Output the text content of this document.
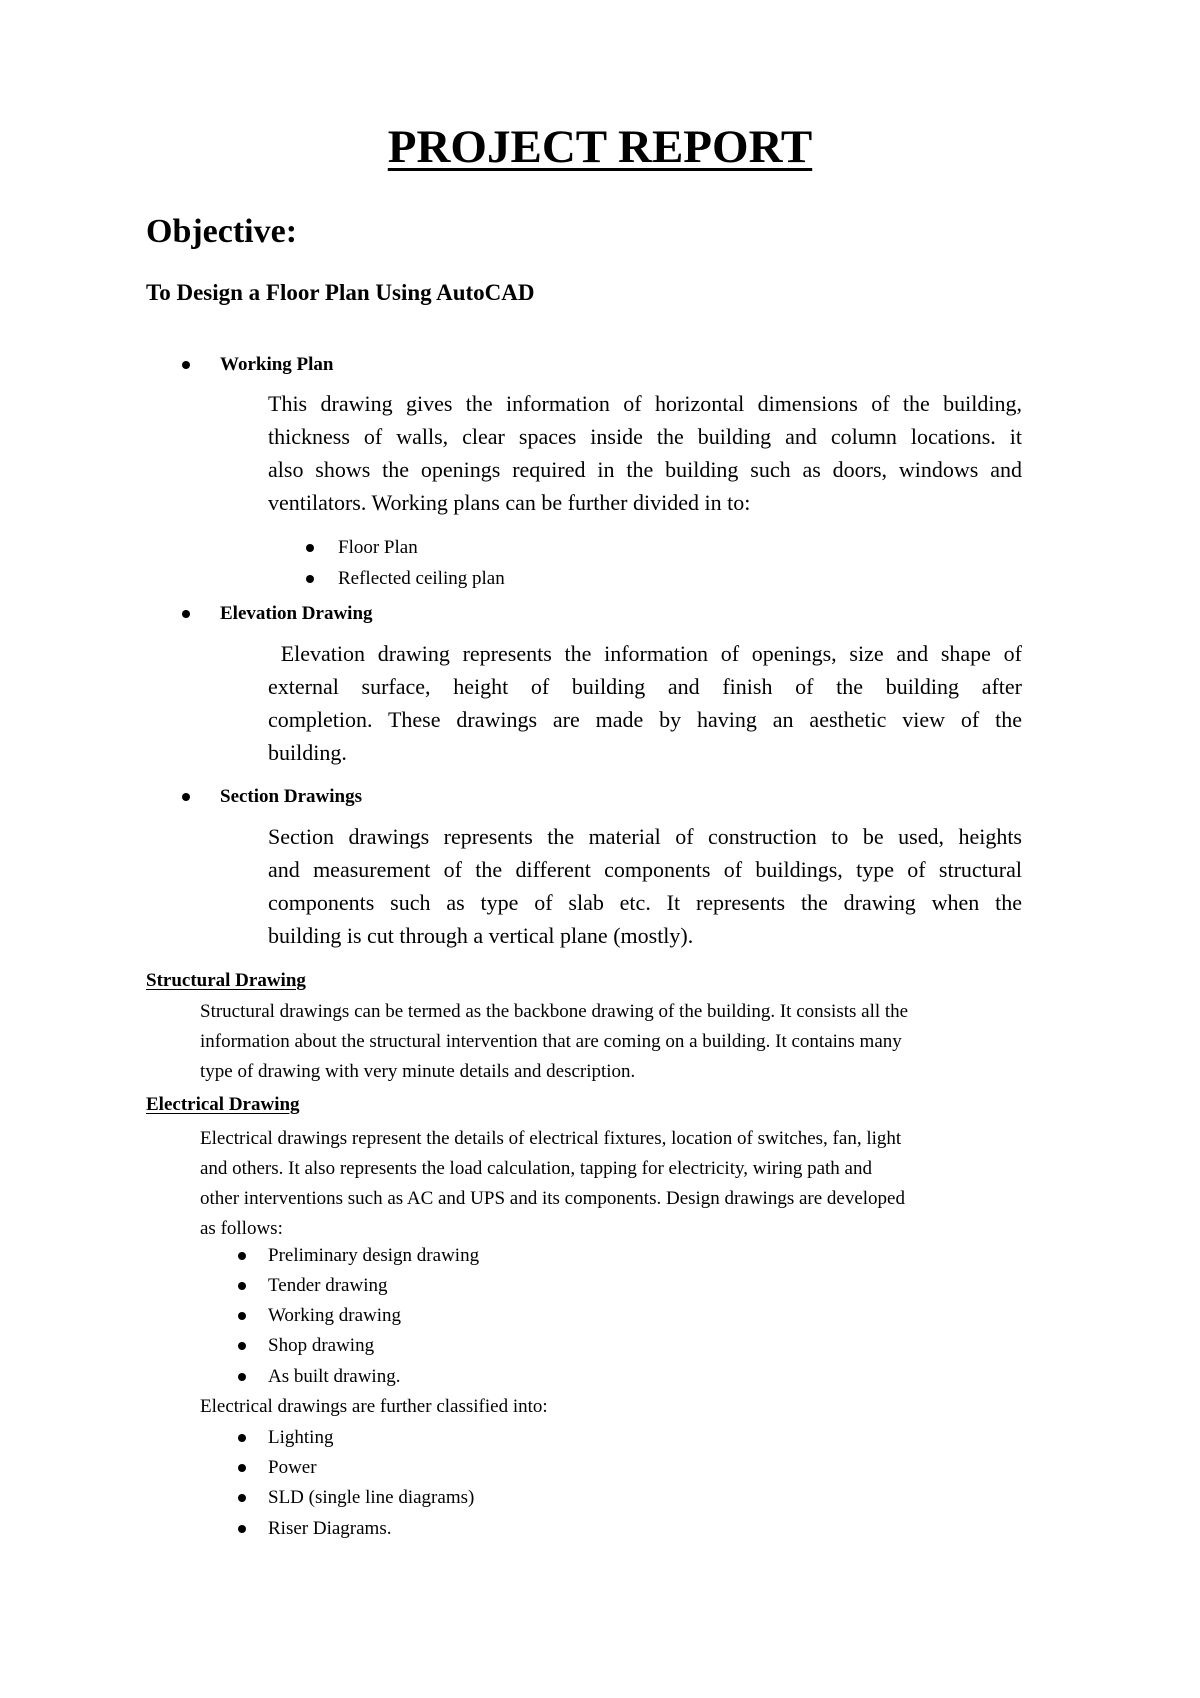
PROJECT REPORT
Objective:
To Design a Floor Plan Using AutoCAD
Working Plan
This drawing gives the information of horizontal dimensions of the building,
thickness of walls, clear spaces inside the building and column locations. it
also shows the openings required in the building such as doors, windows and
ventilators. Working plans can be further divided in to:
Floor Plan
Reflected ceiling plan
Elevation Drawing
Elevation drawing represents the information of openings, size and shape of
external surface, height of building and finish of the building after
completion. These drawings are made by having an aesthetic view of the
building.
Section Drawings
Section drawings represents the material of construction to be used, heights
and measurement of the different components of buildings, type of structural
components such as type of slab etc. It represents the drawing when the
building is cut through a vertical plane (mostly).
Structural Drawing
Structural drawings can be termed as the backbone drawing of the building. It consists all the
information about the structural intervention that are coming on a building. It contains many
type of drawing with very minute details and description.
Electrical Drawing
Electrical drawings represent the details of electrical fixtures, location of switches, fan, light
and others. It also represents the load calculation, tapping for electricity, wiring path and
other interventions such as AC and UPS and its components. Design drawings are developed
as follows:
Preliminary design drawing
Tender drawing
Working drawing
Shop drawing
As built drawing.
Electrical drawings are further classified into:
Lighting
Power
SLD (single line diagrams)
Riser Diagrams.
